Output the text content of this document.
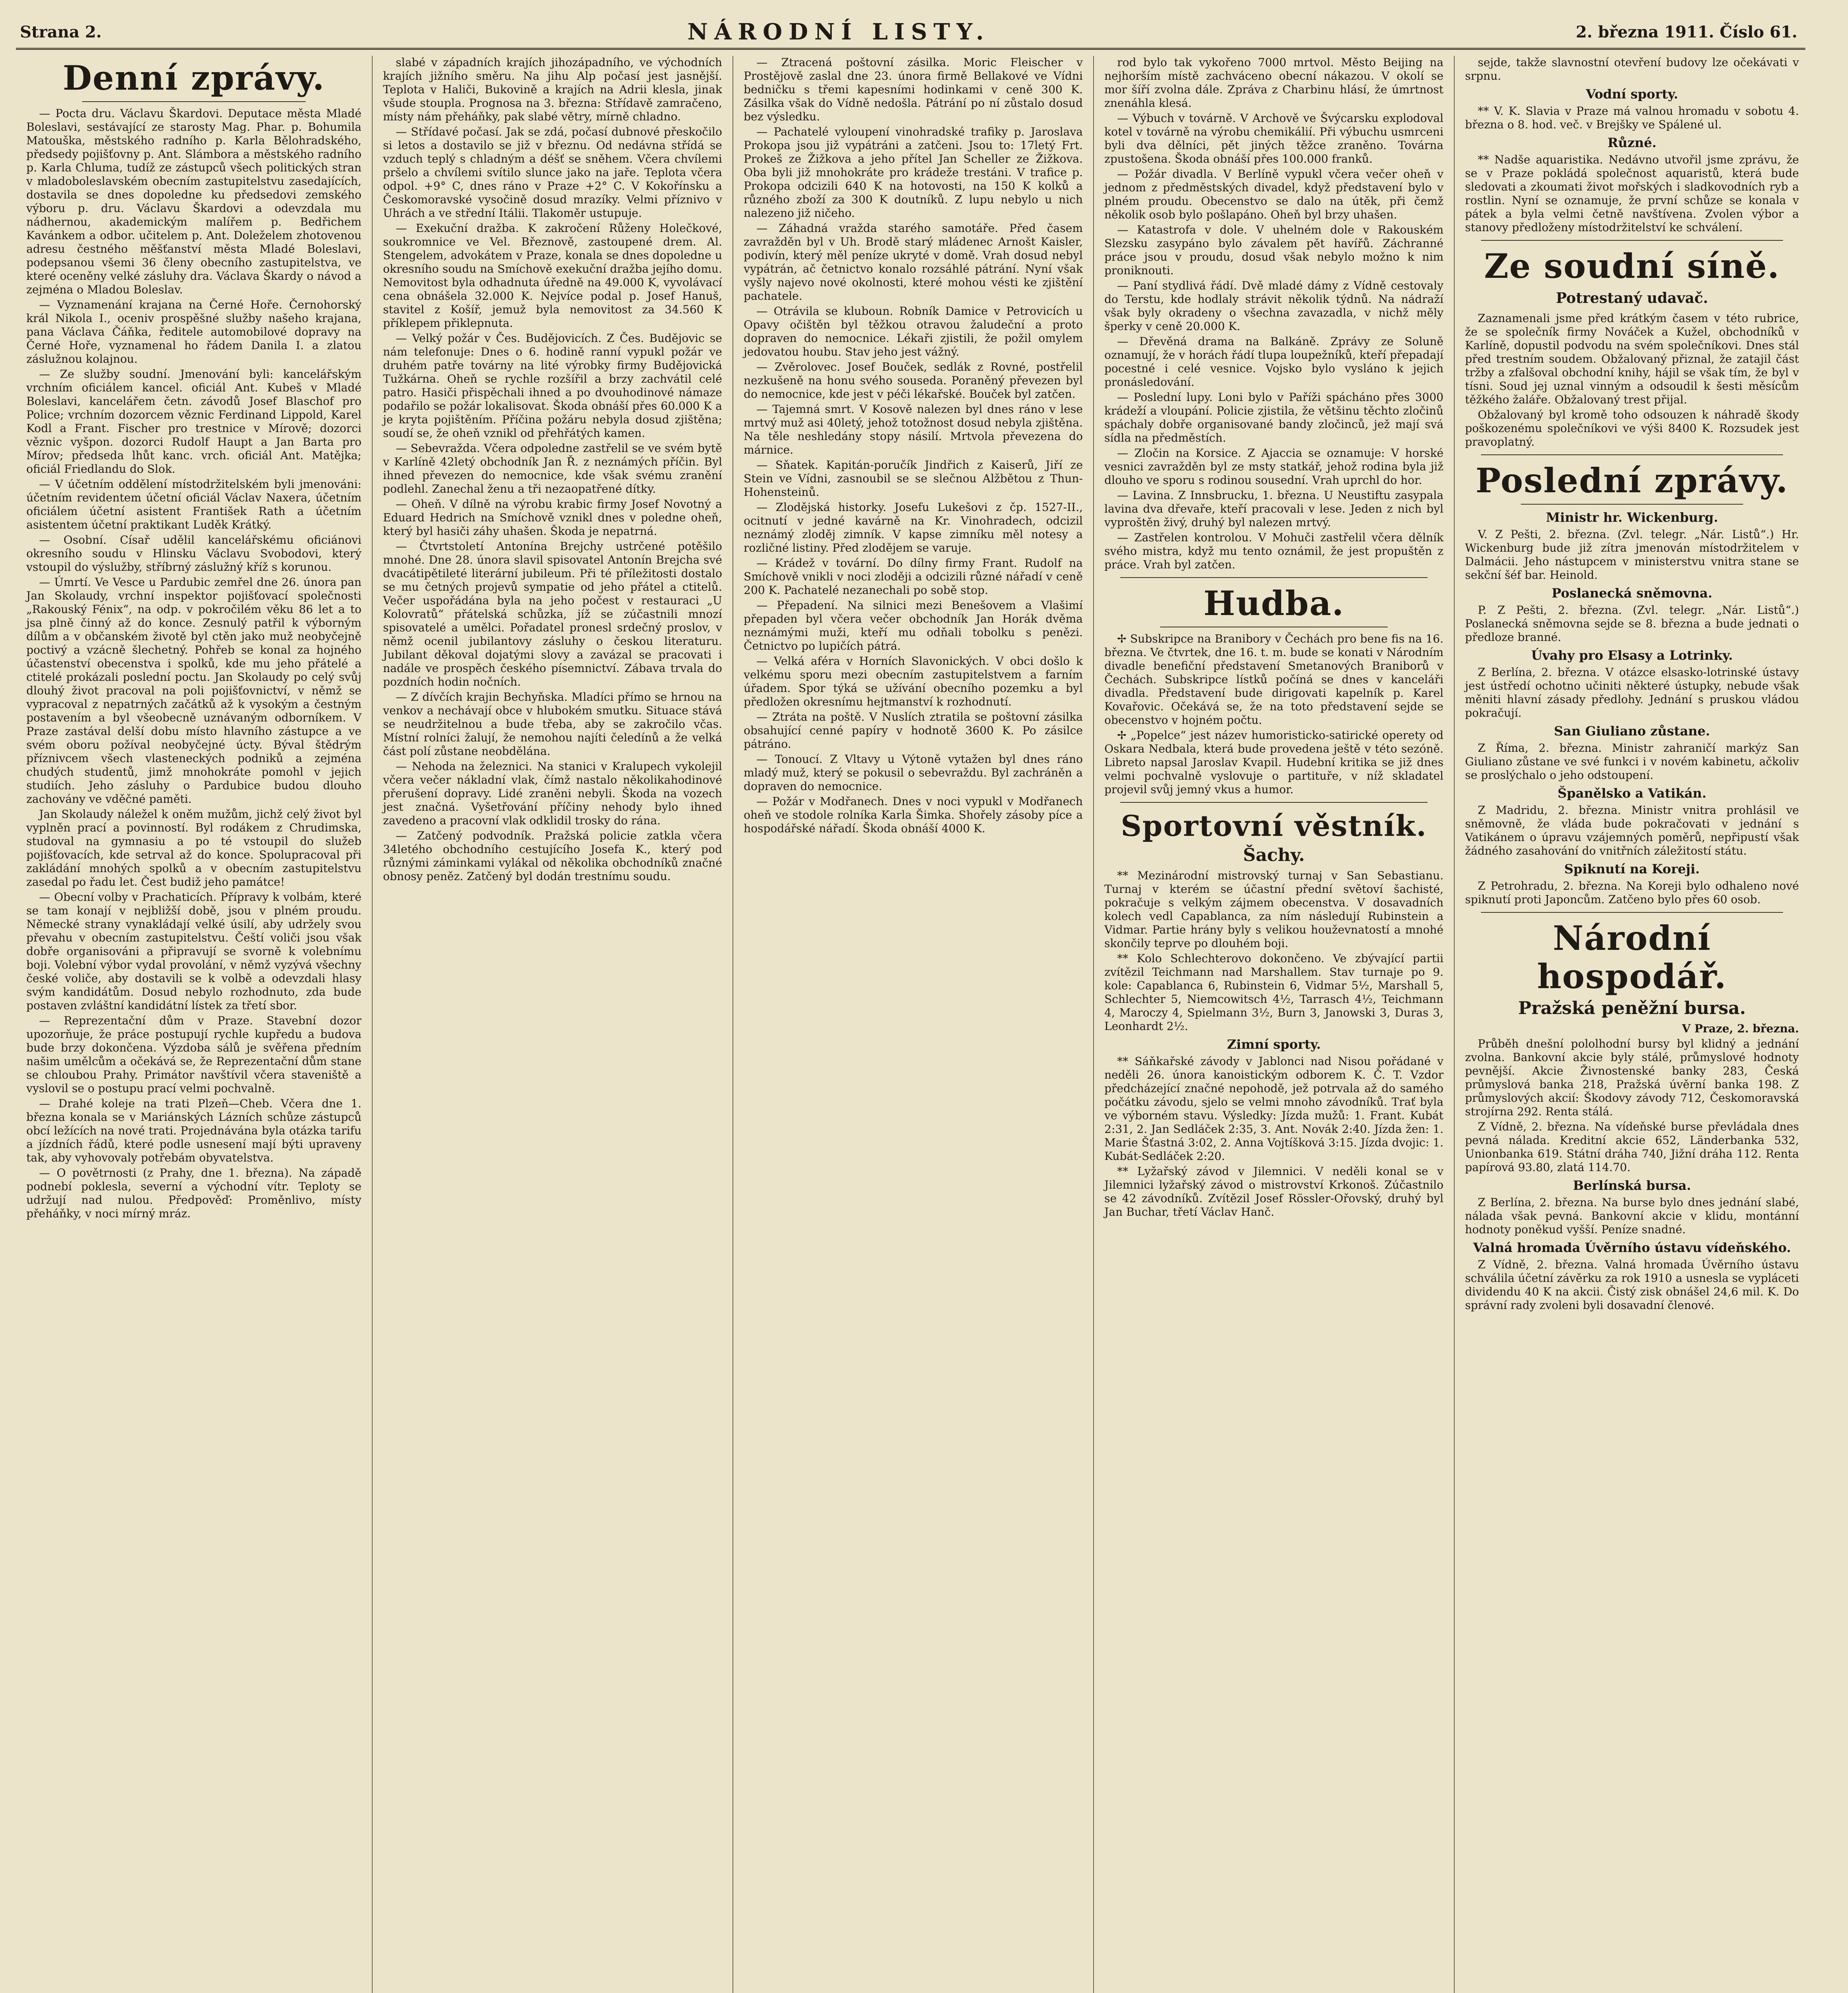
Strana 2.	NÁRODNÍ LISTY.	2. března 1911. Číslo 61.
Denní zprávy.

— Pocta dru. Václavu Škardovi. Deputace města Mladé Boleslavi, sestávající ze starosty Mag. Phar. p. Bohumila Matouška, městského radního p. Karla Bělohradského, předsedy pojišťovny p. Ant. Slámbora a městského radního p. Karla Chluma, tudíž ze zástupců všech politických stran v mladoboleslavském obecním zastupitelstvu zasedajících, dostavila se dnes dopoledne ku předsedovi zemského výboru p. dru. Václavu Škardovi a odevzdala mu nádhernou, akademickým malířem p. Bedřichem Kavánkem a odbor. učitelem p. Ant. Doleželem zhotovenou adresu čestného měšťanství města Mladé Boleslavi, podepsanou všemi 36 členy obecního zastupitelstva, ve které oceněny velké zásluhy dra. Václava Škardy o návod a zejména o Mladou Boleslav.

— Vyznamenání krajana na Černé Hoře. Černohorský král Nikola I., oceniv prospěšné služby našeho krajana, pana Václava Čáňka, ředitele automobilové dopravy na Černé Hoře, vyznamenal ho řádem Danila I. a zlatou záslužnou kolajnou.

— Ze služby soudní. Jmenování byli: kancelářským vrchním oficiálem kancel. oficiál Ant. Kubeš v Mladé Boleslavi, kancelářem četn. závodů Josef Blaschof pro Police; vrchním dozorcem věznic Ferdinand Lippold, Karel Kodl a Frant. Fischer pro trestnice v Mírově; dozorci věznic vyšpon. dozorci Rudolf Haupt a Jan Barta pro Mírov; předseda lhůt kanc. vrch. oficiál Ant. Matějka; oficiál Friedlandu do Slok.

— V účetním oddělení místodržitelském byli jmenováni: účetním revidentem účetní oficiál Václav Naxera, účetním oficiálem účetní asistent František Rath a účetním asistentem účetní praktikant Luděk Krátký.

— Osobní. Císař udělil kancelářskému oficiánovi okresního soudu v Hlinsku Václavu Svobodovi, který vstoupil do výslužby, stříbrný záslužný kříž s korunou.

— Úmrtí. Ve Vesce u Pardubic zemřel dne 26. února pan Jan Skolaudy, vrchní inspektor pojišťovací společnosti „Rakouský Fénix“, na odp. v pokročilém věku 86 let a to jsa plně činný až do konce. Zesnulý patřil k výborným dílům a v občanském životě byl ctěn jako muž neobyčejně poctivý a vzácně šlechetný. Pohřeb se konal za hojného účastenství obecenstva i spolků, kde mu jeho přátelé a ctitelé prokázali poslední poctu. Jan Skolaudy po celý svůj dlouhý život pracoval na poli pojišťovnictví, v němž se vypracoval z nepatrných začátků až k vysokým a čestným postavením a byl všeobecně uznávaným odborníkem. V Praze zastával delší dobu místo hlavního zástupce a ve svém oboru požíval neobyčejné úcty. Býval štědrým příznivcem všech vlasteneckých podniků a zejména chudých studentů, jimž mnohokráte pomohl v jejich studiích. Jeho zásluhy o Pardubice budou dlouho zachovány ve vděčné paměti.

Jan Skolaudy náležel k oněm mužům, jichž celý život byl vyplněn prací a povinností. Byl rodákem z Chrudimska, studoval na gymnasiu a po té vstoupil do služeb pojišťovacích, kde setrval až do konce. Spolupracoval při zakládání mnohých spolků a v obecním zastupitelstvu zasedal po řadu let. Čest budiž jeho památce!

— Obecní volby v Prachaticích. Přípravy k volbám, které se tam konají v nejbližší době, jsou v plném proudu. Německé strany vynakládají velké úsilí, aby udržely svou převahu v obecním zastupitelstvu. Čeští voliči jsou však dobře organisováni a připravují se svorně k volebnímu boji. Volební výbor vydal provolání, v němž vyzývá všechny české voliče, aby dostavili se k volbě a odevzdali hlasy svým kandidátům. Dosud nebylo rozhodnuto, zda bude postaven zvláštní kandidátní lístek za třetí sbor.

— Reprezentační dům v Praze. Stavební dozor upozorňuje, že práce postupují rychle kupředu a budova bude brzy dokončena. Výzdoba sálů je svěřena předním našim umělcům a očekává se, že Reprezentační dům stane se chloubou Prahy. Primátor navštívil včera staveniště a vyslovil se o postupu prací velmi pochvalně.

— Drahé koleje na trati Plzeň—Cheb. Včera dne 1. března konala se v Mariánských Lázních schůze zástupců obcí ležících na nové trati. Projednávána byla otázka tarifu a jízdních řádů, které podle usnesení mají býti upraveny tak, aby vyhovovaly potřebám obyvatelstva.

— O povětrnosti (z Prahy, dne 1. března). Na západě podnebí poklesla, severní a východní vítr. Teploty se udržují nad nulou. Předpověď: Proměnlivo, místy přeháňky, v noci mírný mráz.

slabé v západních krajích jihozápadního, ve východních krajích jižního směru. Na jihu Alp počasí jest jasnější. Teplota v Haliči, Bukovině a krajích na Adrii klesla, jinak všude stoupla. Prognosa na 3. března: Střídavě zamračeno, místy nám přeháňky, pak slabé větry, mírně chladno.

— Střídavé počasí. Jak se zdá, počasí dubnové přeskočilo si letos a dostavilo se již v březnu. Od nedávna střídá se vzduch teplý s chladným a déšť se sněhem. Včera chvílemi pršelo a chvílemi svítilo slunce jako na jaře. Teplota včera odpol. +9° C, dnes ráno v Praze +2° C. V Kokořínsku a Českomoravské vysočině dosud mrazíky. Velmi příznivo v Uhrách a ve střední Itálii. Tlakoměr ustupuje.

— Exekuční dražba. K zakročení Růženy Holečkové, soukromnice ve Vel. Březnově, zastoupené drem. Al. Stengelem, advokátem v Praze, konala se dnes dopoledne u okresního soudu na Smíchově exekuční dražba jejího domu. Nemovitost byla odhadnuta úředně na 49.000 K, vyvolávací cena obnášela 32.000 K. Nejvíce podal p. Josef Hanuš, stavitel z Košíř, jemuž byla nemovitost za 34.560 K příklepem přiklepnuta.

— Velký požár v Čes. Budějovicích. Z Čes. Budějovic se nám telefonuje: Dnes o 6. hodině ranní vypukl požár ve druhém patře továrny na lité výrobky firmy Budějovická Tužkárna. Oheň se rychle rozšířil a brzy zachvátil celé patro. Hasiči přispěchali ihned a po dvouhodinové námaze podařilo se požár lokalisovat. Škoda obnáší přes 60.000 K a je kryta pojištěním. Příčina požáru nebyla dosud zjištěna; soudí se, že oheň vznikl od přehřátých kamen.

— Sebevražda. Včera odpoledne zastřelil se ve svém bytě v Karlíně 42letý obchodník Jan Ř. z neznámých příčin. Byl ihned převezen do nemocnice, kde však svému zranění podlehl. Zanechal ženu a tři nezaopatřené dítky.

— Oheň. V dílně na výrobu krabic firmy Josef Novotný a Eduard Hedrich na Smíchově vznikl dnes v poledne oheň, který byl hasiči záhy uhašen. Škoda je nepatrná.

— Čtvrtstoletí Antonína Brejchy ustrčené potěšilo mnohé. Dne 28. února slavil spisovatel Antonín Brejcha své dvacátipětileté literární jubileum. Při té příležitosti dostalo se mu četných projevů sympatie od jeho přátel a ctitelů. Večer uspořádána byla na jeho počest v restauraci „U Kolovratů“ přátelská schůzka, jíž se zúčastnili mnozí spisovatelé a umělci. Pořadatel pronesl srdečný proslov, v němž ocenil jubilantovy zásluhy o českou literaturu. Jubilant děkoval dojatými slovy a zavázal se pracovati i nadále ve prospěch českého písemnictví. Zábava trvala do pozdních hodin nočních.

— Z dívčích krajin Bechyňska. Mladíci přímo se hrnou na venkov a nechávají obce v hlubokém smutku. Situace stává se neudržitelnou a bude třeba, aby se zakročilo včas. Místní rolníci žalují, že nemohou najíti čeledínů a že velká část polí zůstane neobdělána.

— Nehoda na železnici. Na stanici v Kralupech vykolejil včera večer nákladní vlak, čímž nastalo několikahodinové přerušení dopravy. Lidé zraněni nebyli. Škoda na vozech jest značná. Vyšetřování příčiny nehody bylo ihned zavedeno a pracovní vlak odklidil trosky do rána.

— Zatčený podvodník. Pražská policie zatkla včera 34letého obchodního cestujícího Josefa K., který pod různými záminkami vylákal od několika obchodníků značné obnosy peněz. Zatčený byl dodán trestnímu soudu.

— Ztracená poštovní zásilka. Moric Fleischer v Prostějově zaslal dne 23. února firmě Bellakové ve Vídni bedničku s třemi kapesními hodinkami v ceně 300 K. Zásilka však do Vídně nedošla. Pátrání po ní zůstalo dosud bez výsledku.

— Pachatelé vyloupení vinohradské trafiky p. Jaroslava Prokopa jsou již vypátráni a zatčeni. Jsou to: 17letý Frt. Prokeš ze Žižkova a jeho přítel Jan Scheller ze Žižkova. Oba byli již mnohokráte pro krádeže trestáni. V trafice p. Prokopa odcizili 640 K na hotovosti, na 150 K kolků a různého zboží za 300 K doutníků. Z lupu nebylo u nich nalezeno již ničeho.

— Záhadná vražda starého samotáře. Před časem zavražděn byl v Uh. Brodě starý mládenec Arnošt Kaisler, podivín, který měl peníze ukryté v domě. Vrah dosud nebyl vypátrán, ač četnictvo konalo rozsáhlé pátrání. Nyní však vyšly najevo nové okolnosti, které mohou vésti ke zjištění pachatele.

— Otrávila se kluboun. Robník Damice v Petrovicích u Opavy očištěn byl těžkou otravou žaludeční a proto dopraven do nemocnice. Lékaři zjistili, že požil omylem jedovatou houbu. Stav jeho jest vážný.

— Zvěrolovec. Josef Bouček, sedlák z Rovné, postřelil nezkušeně na honu svého souseda. Poraněný převezen byl do nemocnice, kde jest v péči lékařské. Bouček byl zatčen.

— Tajemná smrt. V Kosově nalezen byl dnes ráno v lese mrtvý muž asi 40letý, jehož totožnost dosud nebyla zjištěna. Na těle neshledány stopy násilí. Mrtvola převezena do márnice.

— Sňatek. Kapitán-poručík Jindřich z Kaiserů, Jiří ze Stein ve Vídni, zasnoubil se se slečnou Alžbětou z Thun-Hohensteinů.

— Zlodějská historky. Josefu Lukešovi z čp. 1527-II., ocitnutí v jedné kavárně na Kr. Vinohradech, odcizil neznámý zloděj zimník. V kapse zimníku měl notesy a rozličné listiny. Před zlodějem se varuje.

— Krádež v tovární. Do dílny firmy Frant. Rudolf na Smíchově vnikli v noci zloději a odcizili různé nářadí v ceně 200 K. Pachatelé nezanechali po sobě stop.

— Přepadení. Na silnici mezi Benešovem a Vlašimí přepaden byl včera večer obchodník Jan Horák dvěma neznámými muži, kteří mu odňali tobolku s penězi. Četnictvo po lupičích pátrá.

— Velká aféra v Horních Slavonických. V obci došlo k velkému sporu mezi obecním zastupitelstvem a farním úřadem. Spor týká se užívání obecního pozemku a byl předložen okresnímu hejtmanství k rozhodnutí.

— Ztráta na poště. V Nuslích ztratila se poštovní zásilka obsahující cenné papíry v hodnotě 3600 K. Po zásilce pátráno.

— Tonoucí. Z Vltavy u Výtoně vytažen byl dnes ráno mladý muž, který se pokusil o sebevraždu. Byl zachráněn a dopraven do nemocnice.

— Požár v Modřanech. Dnes v noci vypukl v Modřanech oheň ve stodole rolníka Karla Šimka. Shořely zásoby píce a hospodářské nářadí. Škoda obnáší 4000 K.

rod bylo tak vykořeno 7000 mrtvol. Město Beijing na nejhorším místě zachváceno obecní nákazou. V okolí se mor šíří zvolna dále. Zpráva z Charbinu hlásí, že úmrtnost znenáhla klesá.

— Výbuch v továrně. V Archově ve Švýcarsku explodoval kotel v továrně na výrobu chemikálií. Při výbuchu usmrceni byli dva dělníci, pět jiných těžce zraněno. Továrna zpustošena. Škoda obnáší přes 100.000 franků.

— Požár divadla. V Berlíně vypukl včera večer oheň v jednom z předměstských divadel, když představení bylo v plném proudu. Obecenstvo se dalo na útěk, při čemž několik osob bylo pošlapáno. Oheň byl brzy uhašen.

— Katastrofa v dole. V uhelném dole v Rakouském Slezsku zasypáno bylo závalem pět havířů. Záchranné práce jsou v proudu, dosud však nebylo možno k nim proniknouti.

— Paní stydlivá řádí. Dvě mladé dámy z Vídně cestovaly do Terstu, kde hodlaly strávit několik týdnů. Na nádraží však byly okradeny o všechna zavazadla, v nichž měly šperky v ceně 20.000 K.

— Dřevěná drama na Balkáně. Zprávy ze Soluně oznamují, že v horách řádí tlupa loupežníků, kteří přepadají pocestné i celé vesnice. Vojsko bylo vysláno k jejich pronásledování.

— Poslední lupy. Loni bylo v Paříži spácháno přes 3000 krádeží a vloupání. Policie zjistila, že většinu těchto zločinů spáchaly dobře organisované bandy zločinců, jež mají svá sídla na předměstích.

— Zločin na Korsice. Z Ajaccia se oznamuje: V horské vesnici zavražděn byl ze msty statkář, jehož rodina byla již dlouho ve sporu s rodinou sousední. Vrah uprchl do hor.

— Lavina. Z Innsbrucku, 1. března. U Neustiftu zasypala lavina dva dřevaře, kteří pracovali v lese. Jeden z nich byl vyproštěn živý, druhý byl nalezen mrtvý.

— Zastřelen kontrolou. V Mohuči zastřelil včera dělník svého mistra, když mu tento oznámil, že jest propuštěn z práce. Vrah byl zatčen.

Hudba.

✢ Subskripce na Branibory v Čechách pro bene fis na 16. března. Ve čtvrtek, dne 16. t. m. bude se konati v Národním divadle benefiční představení Smetanových Braniborů v Čechách. Subskripce lístků počíná se dnes v kanceláři divadla. Představení bude dirigovati kapelník p. Karel Kovařovic. Očekává se, že na toto představení sejde se obecenstvo v hojném počtu.

✢ „Popelce“ jest název humoristicko-satirické operety od Oskara Nedbala, která bude provedena ještě v této sezóně. Libreto napsal Jaroslav Kvapil. Hudební kritika se již dnes velmi pochvalně vyslovuje o partituře, v níž skladatel projevil svůj jemný vkus a humor.

Sportovní věstník.
Šachy.

** Mezinárodní mistrovský turnaj v San Sebastianu. Turnaj v kterém se účastní přední světoví šachisté, pokračuje s velkým zájmem obecenstva. V dosavadních kolech vedl Capablanca, za ním následují Rubinstein a Vidmar. Partie hrány byly s velikou houževnatostí a mnohé skončily teprve po dlouhém boji.

** Kolo Schlechterovo dokončeno. Ve zbývající partii zvítězil Teichmann nad Marshallem. Stav turnaje po 9. kole: Capablanca 6, Rubinstein 6, Vidmar 5½, Marshall 5, Schlechter 5, Niemcowitsch 4½, Tarrasch 4½, Teichmann 4, Maroczy 4, Spielmann 3½, Burn 3, Janowski 3, Duras 3, Leonhardt 2½.

Zimní sporty.

** Sáňkařské závody v Jablonci nad Nisou pořádané v neděli 26. února kanoistickým odborem K. Č. T. Vzdor předcházející značné nepohodě, jež potrvala až do samého počátku závodu, sjelo se velmi mnoho závodníků. Trať byla ve výborném stavu. Výsledky: Jízda mužů: 1. Frant. Kubát 2:31, 2. Jan Sedláček 2:35, 3. Ant. Novák 2:40. Jízda žen: 1. Marie Šťastná 3:02, 2. Anna Vojtíšková 3:15. Jízda dvojic: 1. Kubát-Sedláček 2:20.

** Lyžařský závod v Jilemnici. V neděli konal se v Jilemnici lyžařský závod o mistrovství Krkonoš. Zúčastnilo se 42 závodníků. Zvítězil Josef Rössler-Ořovský, druhý byl Jan Buchar, třetí Václav Hanč.

sejde, takže slavnostní otevření budovy lze očekávati v srpnu.

Vodní sporty.

** V. K. Slavia v Praze má valnou hromadu v sobotu 4. března o 8. hod. več. v Brejšky ve Spálené ul.

Různé.

** Nadše aquaristika. Nedávno utvořil jsme zprávu, že se v Praze pokládá společnost aquaristů, která bude sledovati a zkoumati život mořských i sladkovodních ryb a rostlin. Nyní se oznamuje, že první schůze se konala v pátek a byla velmi četně navštívena. Zvolen výbor a stanovy předloženy místodržitelství ke schválení.

Ze soudní síně.
Potrestaný udavač.

Zaznamenali jsme před krátkým časem v této rubrice, že se společník firmy Nováček a Kužel, obchodníků v Karlíně, dopustil podvodu na svém společníkovi. Dnes stál před trestním soudem. Obžalovaný přiznal, že zatajil část tržby a zfalšoval obchodní knihy, hájil se však tím, že byl v tísni. Soud jej uznal vinným a odsoudil k šesti měsícům těžkého žaláře. Obžalovaný trest přijal.

Obžalovaný byl kromě toho odsouzen k náhradě škody poškozenému společníkovi ve výši 8400 K. Rozsudek jest pravoplatný.

Poslední zprávy.
Ministr hr. Wickenburg.

V. Z Pešti, 2. března. (Zvl. telegr. „Nár. Listů“.) Hr. Wickenburg bude již zítra jmenován místodržitelem v Dalmácii. Jeho nástupcem v ministerstvu vnitra stane se sekční šéf bar. Heinold.

Poslanecká sněmovna.

P. Z Pešti, 2. března. (Zvl. telegr. „Nár. Listů“.) Poslanecká sněmovna sejde se 8. března a bude jednati o předloze branné.

Úvahy pro Elsasy a Lotrinky.

Z Berlína, 2. března. V otázce elsasko-lotrinské ústavy jest ústředí ochotno učiniti některé ústupky, nebude však měniti hlavní zásady předlohy. Jednání s pruskou vládou pokračují.

San Giuliano zůstane.

Z Říma, 2. března. Ministr zahraničí markýz San Giuliano zůstane ve své funkci i v novém kabinetu, ačkoliv se proslýchalo o jeho odstoupení.

Španělsko a Vatikán.

Z Madridu, 2. března. Ministr vnitra prohlásil ve sněmovně, že vláda bude pokračovati v jednání s Vatikánem o úpravu vzájemných poměrů, nepřipustí však žádného zasahování do vnitřních záležitostí státu.

Spiknutí na Koreji.

Z Petrohradu, 2. března. Na Koreji bylo odhaleno nové spiknutí proti Japoncům. Zatčeno bylo přes 60 osob.

Národní hospodář.
Pražská peněžní bursa.

V Praze, 2. března.

Průběh dnešní pololhodní bursy byl klidný a jednání zvolna. Bankovní akcie byly stálé, průmyslové hodnoty pevnější. Akcie Živnostenské banky 283, Česká průmyslová banka 218, Pražská úvěrní banka 198. Z průmyslových akcií: Škodovy závody 712, Českomoravská strojírna 292. Renta stálá.

Z Vídně, 2. března. Na vídeňské burse převládala dnes pevná nálada. Kreditní akcie 652, Länderbanka 532, Unionbanka 619. Státní dráha 740, Jižní dráha 112. Renta papírová 93.80, zlatá 114.70.

Berlínská bursa.

Z Berlína, 2. března. Na burse bylo dnes jednání slabé, nálada však pevná. Bankovní akcie v klidu, montánní hodnoty poněkud vyšší. Peníze snadné.

Valná hromada Úvěrního ústavu vídeňského.

Z Vídně, 2. března. Valná hromada Úvěrního ústavu schválila účetní závěrku za rok 1910 a usnesla se vypláceti dividendu 40 K na akcii. Čistý zisk obnášel 24,6 mil. K. Do správní rady zvoleni byli dosavadní členové.
